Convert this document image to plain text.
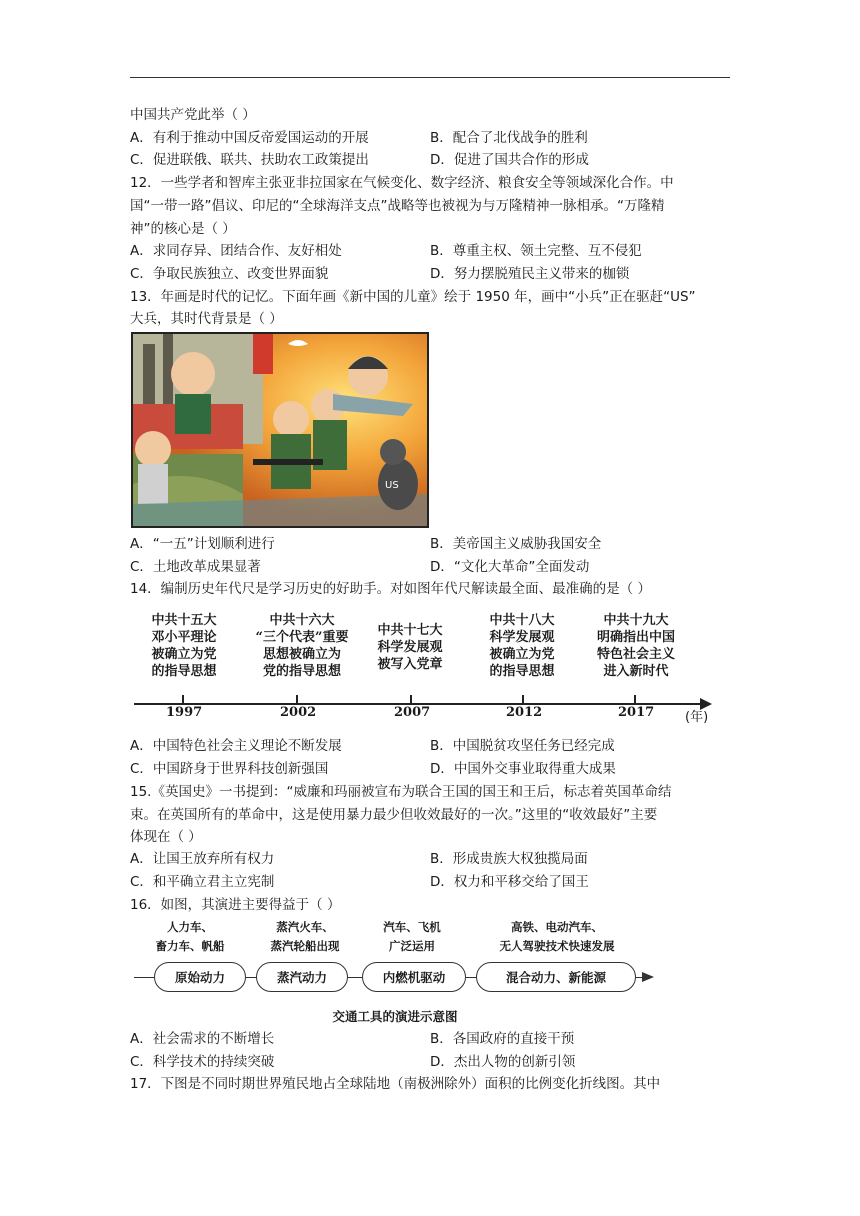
中国共产党此举（ ）
A．有利于推动中国反帝爱国运动的开展	B．配合了北伐战争的胜利
C．促进联俄、联共、扶助农工政策提出	D．促进了国共合作的形成
12．一些学者和智库主张亚非拉国家在气候变化、数字经济、粮食安全等领域深化合作。中
国“一带一路”倡议、印尼的“全球海洋支点”战略等也被视为与万隆精神一脉相承。“万隆精
神”的核心是（ ）
A．求同存异、团结合作、友好相处	B．尊重主权、领土完整、互不侵犯
C．争取民族独立、改变世界面貌	D．努力摆脱殖民主义带来的枷锁
13．年画是时代的记忆。下面年画《新中国的儿童》绘于 1950 年，画中“小兵”正在驱赶“US”
大兵，其时代背景是（ ）
US
A．“一五”计划顺利进行	B．美帝国主义威胁我国安全
C．土地改革成果显著	D．“文化大革命”全面发动
14．编制历史年代尺是学习历史的好助手。对如图年代尺解读最全面、最准确的是（ ）
中共十五大
邓小平理论
被确立为党
的指导思想
中共十六大
“三个代表”重要
思想被确立为
党的指导思想
中共十七大
科学发展观
被写入党章
中共十八大
科学发展观
被确立为党
的指导思想
中共十九大
明确指出中国
特色社会主义
进入新时代
1997	2002	2007	2012	2017 (年)
A．中国特色社会主义理论不断发展	B．中国脱贫攻坚任务已经完成
C．中国跻身于世界科技创新强国	D．中国外交事业取得重大成果
15.《英国史》一书提到：“威廉和玛丽被宣布为联合王国的国王和王后，标志着英国革命结
束。在英国所有的革命中，这是使用暴力最少但收效最好的一次。”这里的“收效最好”主要
体现在（ ）
A．让国王放弃所有权力	B．形成贵族大权独揽局面
C．和平确立君主立宪制	D．权力和平移交给了国王
16．如图，其演进主要得益于（ ）
人力车、
畜力车、帆船
蒸汽火车、
蒸汽轮船出现
汽车、飞机
广泛运用
高铁、电动汽车、
无人驾驶技术快速发展
原始动力	蒸汽动力	内燃机驱动	混合动力、新能源
交通工具的演进示意图
A．社会需求的不断增长	B．各国政府的直接干预
C．科学技术的持续突破	D．杰出人物的创新引领
17．下图是不同时期世界殖民地占全球陆地（南极洲除外）面积的比例变化折线图。其中
